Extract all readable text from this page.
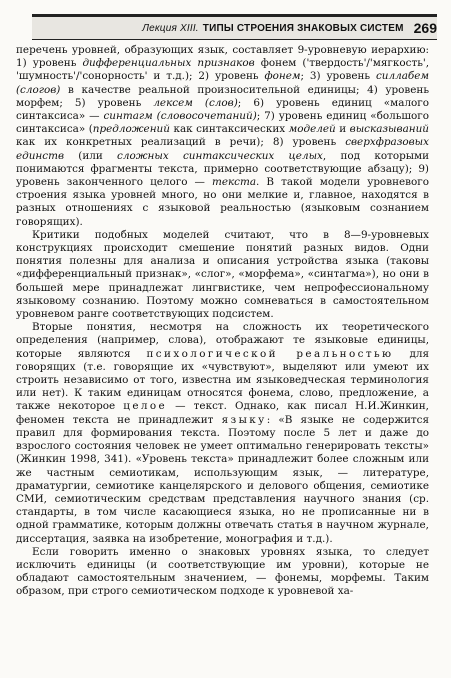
Лекция XIII. ТИПЫ СТРОЕНИЯ ЗНАКОВЫХ СИСТЕМ 269

перечень уровней, образующих язык, составляет 9-уровневую иерархию: 1) уровень дифференциальных признаков фонем ('твердость'/'мягкость', 'шумность'/'сонорность' и т.д.); 2) уровень фонем; 3) уровень силлабем (слогов) в качестве реальной произносительной единицы; 4) уровень морфем; 5) уровень лексем (слов); 6) уровень единиц «малого синтаксиса» — синтагм (словосочетаний); 7) уровень единиц «большого синтаксиса» (предложений как синтаксических моделей и высказываний как их конкретных реализаций в речи); 8) уровень сверхфразовых единств (или сложных синтаксических целых, под которыми понимаются фрагменты текста, примерно соответствующие абзацу); 9) уровень законченного целого — текста. В такой модели уровневого строения языка уровней много, но они мелкие и, главное, находятся в разных отношениях с языковой реальностью (языковым сознанием говорящих).

Критики подобных моделей считают, что в 8—9-уровневых конструкциях происходит смешение понятий разных видов. Одни понятия полезны для анализа и описания устройства языка (таковы «дифференциальный признак», «слог», «морфема», «синтагма»), но они в большей мере принадлежат лингвистике, чем непрофессиональному языковому сознанию. Поэтому можно сомневаться в самостоятельном уровневом ранге соответствующих подсистем.

Вторые понятия, несмотря на сложность их теоретического определения (например, слова), отображают те языковые единицы, которые являются психологической реальностью для говорящих (т.е. говорящие их «чувствуют», выделяют или умеют их строить независимо от того, известна им языковедческая терминология или нет). К таким единицам относятся фонема, слово, предложение, а также некоторое целое — текст. Однако, как писал Н.И.Жинкин, феномен текста не принадлежит языку: «В языке не содержится правил для формирования текста. Поэтому после 5 лет и даже до взрослого состояния человек не умеет оптимально генерировать тексты» (Жинкин 1998, 341). «Уровень текста» принадлежит более сложным или же частным семиотикам, использующим язык, — литературе, драматургии, семиотике канцелярского и делового общения, семиотике СМИ, семиотическим средствам представления научного знания (ср. стандарты, в том числе касающиеся языка, но не прописанные ни в одной грамматике, которым должны отвечать статья в научном журнале, диссертация, заявка на изобретение, монография и т.д.).

Если говорить именно о знаковых уровнях языка, то следует исключить единицы (и соответствующие им уровни), которые не обладают самостоятельным значением, — фонемы, морфемы. Таким образом, при строго семиотическом подходе к уровневой ха-
